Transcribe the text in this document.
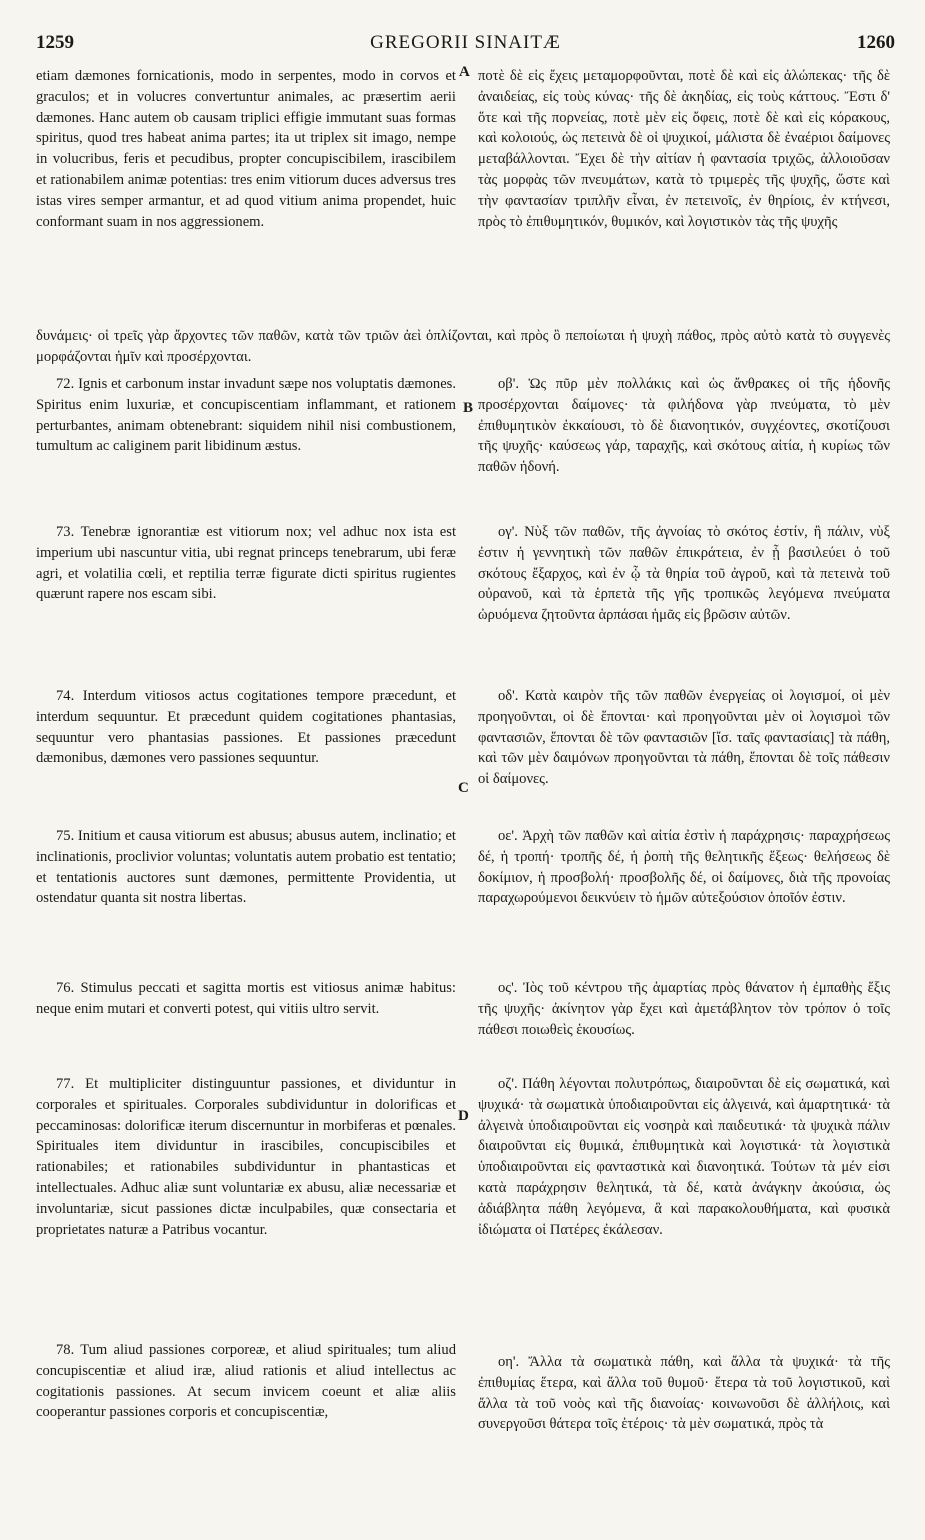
1259	GREGORII SINAITÆ	1260
A
B
C
D

etiam dæmones fornicationis, modo in serpentes, modo in corvos et graculos; et in volucres convertuntur animales, ac præsertim aerii dæmones. Hanc autem ob causam triplici effigie immutant suas formas spiritus, quod tres habeat anima partes; ita ut triplex sit imago, nempe in volucribus, feris et pecudibus, propter concupiscibilem, irascibilem et rationabilem animæ potentias: tres enim vitiorum duces adversus tres istas vires semper armantur, et ad quod vitium anima propendet, huic conformant suam in nos aggressionem.

ποτὲ δὲ εἰς ἔχεις μεταμορφοῦνται, ποτὲ δὲ καὶ εἰς ἀλώπεκας· τῆς δὲ ἀναιδείας, εἰς τοὺς κύνας· τῆς δὲ ἀκηδίας, εἰς τοὺς κάττους. Ἔστι δ' ὅτε καὶ τῆς πορνείας, ποτὲ μὲν εἰς ὄφεις, ποτὲ δὲ καὶ εἰς κόρακους, καὶ κολοιούς, ὡς πετεινὰ δὲ οἱ ψυχικοί, μάλιστα δὲ ἐναέριοι δαίμονες μεταβάλλονται. Ἔχει δὲ τὴν αἰτίαν ἡ φαντασία τριχῶς, ἀλλοιοῦσαν τὰς μορφὰς τῶν πνευμάτων, κατὰ τὸ τριμερὲς τῆς ψυχῆς, ὥστε καὶ τὴν φαντασίαν τριπλῆν εἶναι, ἐν πετεινοῖς, ἐν θηρίοις, ἐν κτήνεσι, πρὸς τὸ ἐπιθυμητικόν, θυμικόν, καὶ λογιστικὸν τὰς τῆς ψυχῆς

δυνάμεις· οἱ τρεῖς γὰρ ἄρχοντες τῶν παθῶν, κατὰ τῶν τριῶν ἀεὶ ὁπλίζονται, καὶ πρὸς ὃ πεποίωται ἡ ψυχὴ πάθος, πρὸς αὐτὸ κατὰ τὸ συγγενὲς μορφάζονται ἡμῖν καὶ προσέρχονται.

72. Ignis et carbonum instar invadunt sæpe nos voluptatis dæmones. Spiritus enim luxuriæ, et concupiscentiam inflammant, et rationem perturbantes, animam obtenebrant: siquidem nihil nisi combustionem, tumultum ac caliginem parit libidinum æstus.

οβ'. Ὡς πῦρ μὲν πολλάκις καὶ ὡς ἄνθρακες οἱ τῆς ἡδονῆς προσέρχονται δαίμονες· τὰ φιλήδονα γὰρ πνεύματα, τὸ μὲν ἐπιθυμητικὸν ἐκκαίουσι, τὸ δὲ διανοητικόν, συγχέοντες, σκοτίζουσι τῆς ψυχῆς· καύσεως γάρ, ταραχῆς, καὶ σκότους αἰτία, ἡ κυρίως τῶν παθῶν ἡδονή.

73. Tenebræ ignorantiæ est vitiorum nox; vel adhuc nox ista est imperium ubi nascuntur vitia, ubi regnat princeps tenebrarum, ubi feræ agri, et volatilia cœli, et reptilia terræ figurate dicti spiritus rugientes quærunt rapere nos escam sibi.

ογ'. Νὺξ τῶν παθῶν, τῆς ἀγνοίας τὸ σκότος ἐστίν, ἢ πάλιν, νὺξ ἐστιν ἡ γεννητικὴ τῶν παθῶν ἐπικράτεια, ἐν ᾗ βασιλεύει ὁ τοῦ σκότους ἔξαρχος, καὶ ἐν ᾧ τὰ θηρία τοῦ ἀγροῦ, καὶ τὰ πετεινὰ τοῦ οὐρανοῦ, καὶ τὰ ἑρπετὰ τῆς γῆς τροπικῶς λεγόμενα πνεύματα ὠρυόμενα ζητοῦντα ἁρπάσαι ἡμᾶς εἰς βρῶσιν αὐτῶν.

74. Interdum vitiosos actus cogitationes tempore præcedunt, et interdum sequuntur. Et præcedunt quidem cogitationes phantasias, sequuntur vero phantasias passiones. Et passiones præcedunt dæmonibus, dæmones vero passiones sequuntur.

οδ'. Κατὰ καιρὸν τῆς τῶν παθῶν ἐνεργείας οἱ λογισμοί, οἱ μὲν προηγοῦνται, οἱ δὲ ἕπονται· καὶ προηγοῦνται μὲν οἱ λογισμοὶ τῶν φαντασιῶν, ἕπονται δὲ τῶν φαντασιῶν [ἴσ. ταῖς φαντασίαις] τὰ πάθη, καὶ τῶν μὲν δαιμόνων προηγοῦνται τὰ πάθη, ἕπονται δὲ τοῖς πάθεσιν οἱ δαίμονες.

75. Initium et causa vitiorum est abusus; abusus autem, inclinatio; et inclinationis, proclivior voluntas; voluntatis autem probatio est tentatio; et tentationis auctores sunt dæmones, permittente Providentia, ut ostendatur quanta sit nostra libertas.

οε'. Ἀρχὴ τῶν παθῶν καὶ αἰτία ἐστὶν ἡ παράχρησις· παραχρήσεως δέ, ἡ τροπή· τροπῆς δέ, ἡ ῥοπὴ τῆς θελητικῆς ἕξεως· θελήσεως δὲ δοκίμιον, ἡ προσβολή· προσβολῆς δέ, οἱ δαίμονες, διὰ τῆς προνοίας παραχωρούμενοι δεικνύειν τὸ ἡμῶν αὐτεξούσιον ὁποῖόν ἐστιν.

76. Stimulus peccati et sagitta mortis est vitiosus animæ habitus: neque enim mutari et converti potest, qui vitiis ultro servit.

ος'. Ἰὸς τοῦ κέντρου τῆς ἁμαρτίας πρὸς θάνατον ἡ ἐμπαθὴς ἕξις τῆς ψυχῆς· ἀκίνητον γὰρ ἔχει καὶ ἀμετάβλητον τὸν τρόπον ὁ τοῖς πάθεσι ποιωθεὶς ἑκουσίως.

77. Et multipliciter distinguuntur passiones, et dividuntur in corporales et spirituales. Corporales subdividuntur in dolorificas et peccaminosas: dolorificæ iterum discernuntur in morbiferas et pœnales. Spirituales item dividuntur in irascibiles, concupiscibiles et rationabiles; et rationabiles subdividuntur in phantasticas et intellectuales. Adhuc aliæ sunt voluntariæ ex abusu, aliæ necessariæ et involuntariæ, sicut passiones dictæ inculpabiles, quæ consectaria et proprietates naturæ a Patribus vocantur.

οζ'. Πάθη λέγονται πολυτρόπως, διαιροῦνται δὲ εἰς σωματικά, καὶ ψυχικά· τὰ σωματικὰ ὑποδιαιροῦνται εἰς ἀλγεινά, καὶ ἁμαρτητικά· τὰ ἀλγεινὰ ὑποδιαιροῦνται εἰς νοσηρὰ καὶ παιδευτικά· τὰ ψυχικὰ πάλιν διαιροῦνται εἰς θυμικά, ἐπιθυμητικὰ καὶ λογιστικά· τὰ λογιστικὰ ὑποδιαιροῦνται εἰς φανταστικὰ καὶ διανοητικά. Τούτων τὰ μέν εἰσι κατὰ παράχρησιν θελητικά, τὰ δέ, κατὰ ἀνάγκην ἀκούσια, ὡς ἀδιάβλητα πάθη λεγόμενα, ἃ καὶ παρακολουθήματα, καὶ φυσικὰ ἰδιώματα οἱ Πατέρες ἐκάλεσαν.

78. Tum aliud passiones corporeæ, et aliud spirituales; tum aliud concupiscentiæ et aliud iræ, aliud rationis et aliud intellectus ac cogitationis passiones. At secum invicem coeunt et aliæ aliis cooperantur passiones corporis et concupiscentiæ,

οη'. Ἄλλα τὰ σωματικὰ πάθη, καὶ ἄλλα τὰ ψυχικά· τὰ τῆς ἐπιθυμίας ἕτερα, καὶ ἄλλα τοῦ θυμοῦ· ἕτερα τὰ τοῦ λογιστικοῦ, καὶ ἄλλα τὰ τοῦ νοὸς καὶ τῆς διανοίας· κοινωνοῦσι δὲ ἀλλήλοις, καὶ συνεργοῦσι θάτερα τοῖς ἑτέροις· τὰ μὲν σωματικά, πρὸς τὰ
